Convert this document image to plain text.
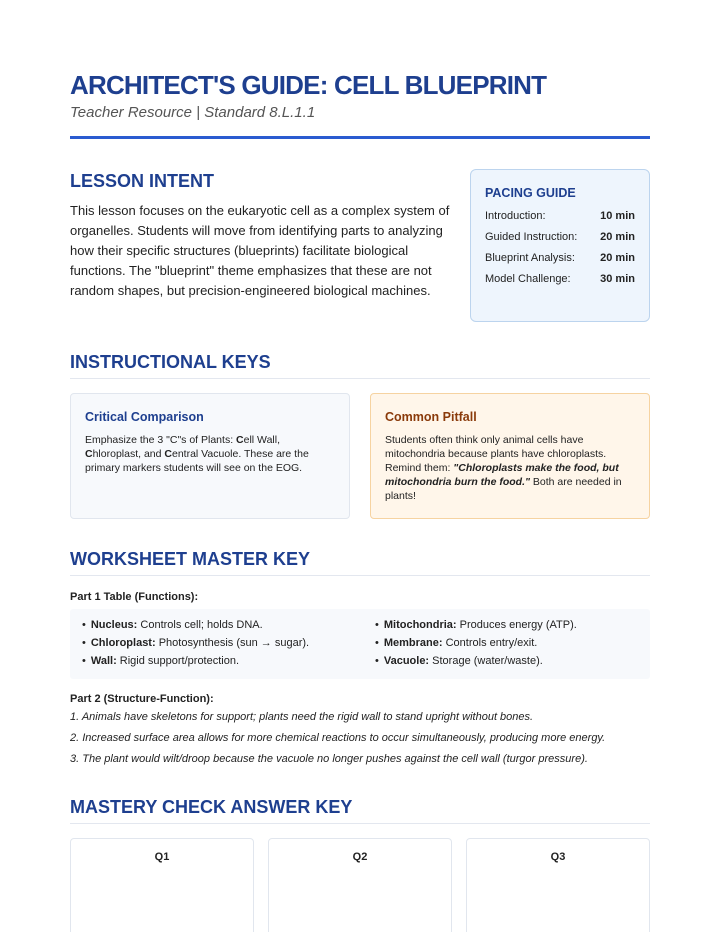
ARCHITECT'S GUIDE: CELL BLUEPRINT
Teacher Resource | Standard 8.L.1.1
LESSON INTENT
This lesson focuses on the eukaryotic cell as a complex system of organelles. Students will move from identifying parts to analyzing how their specific structures (blueprints) facilitate biological functions. The "blueprint" theme emphasizes that these are not random shapes, but precision-engineered biological machines.
PACING GUIDE
Introduction:	10 min
Guided Instruction: 20 min
Blueprint Analysis: 20 min
Model Challenge:	30 min
INSTRUCTIONAL KEYS
Critical Comparison
Emphasize the 3 "C"s of Plants: Cell Wall,
Chloroplast, and Central Vacuole. These are the primary markers students will see on the EOG.
Common Pitfall
Students often think only animal cells have mitochondria because plants have chloroplasts. Remind them: "Chloroplasts make the food, but mitochondria burn the food." Both are needed in plants!
WORKSHEET MASTER KEY
Part 1 Table (Functions):
• Nucleus: Controls cell; holds DNA.
• Chloroplast: Photosynthesis (sun → sugar).
• Wall: Rigid support/protection.
• Mitochondria: Produces energy (ATP).
• Membrane: Controls entry/exit.
• Vacuole: Storage (water/waste).
Part 2 (Structure-Function):
1. Animals have skeletons for support; plants need the rigid wall to stand upright without bones.
2. Increased surface area allows for more chemical reactions to occur simultaneously, producing more energy.
3. The plant would wilt/droop because the vacuole no longer pushes against the cell wall (turgor pressure).
MASTERY CHECK ANSWER KEY
Q1	Q2	Q3
